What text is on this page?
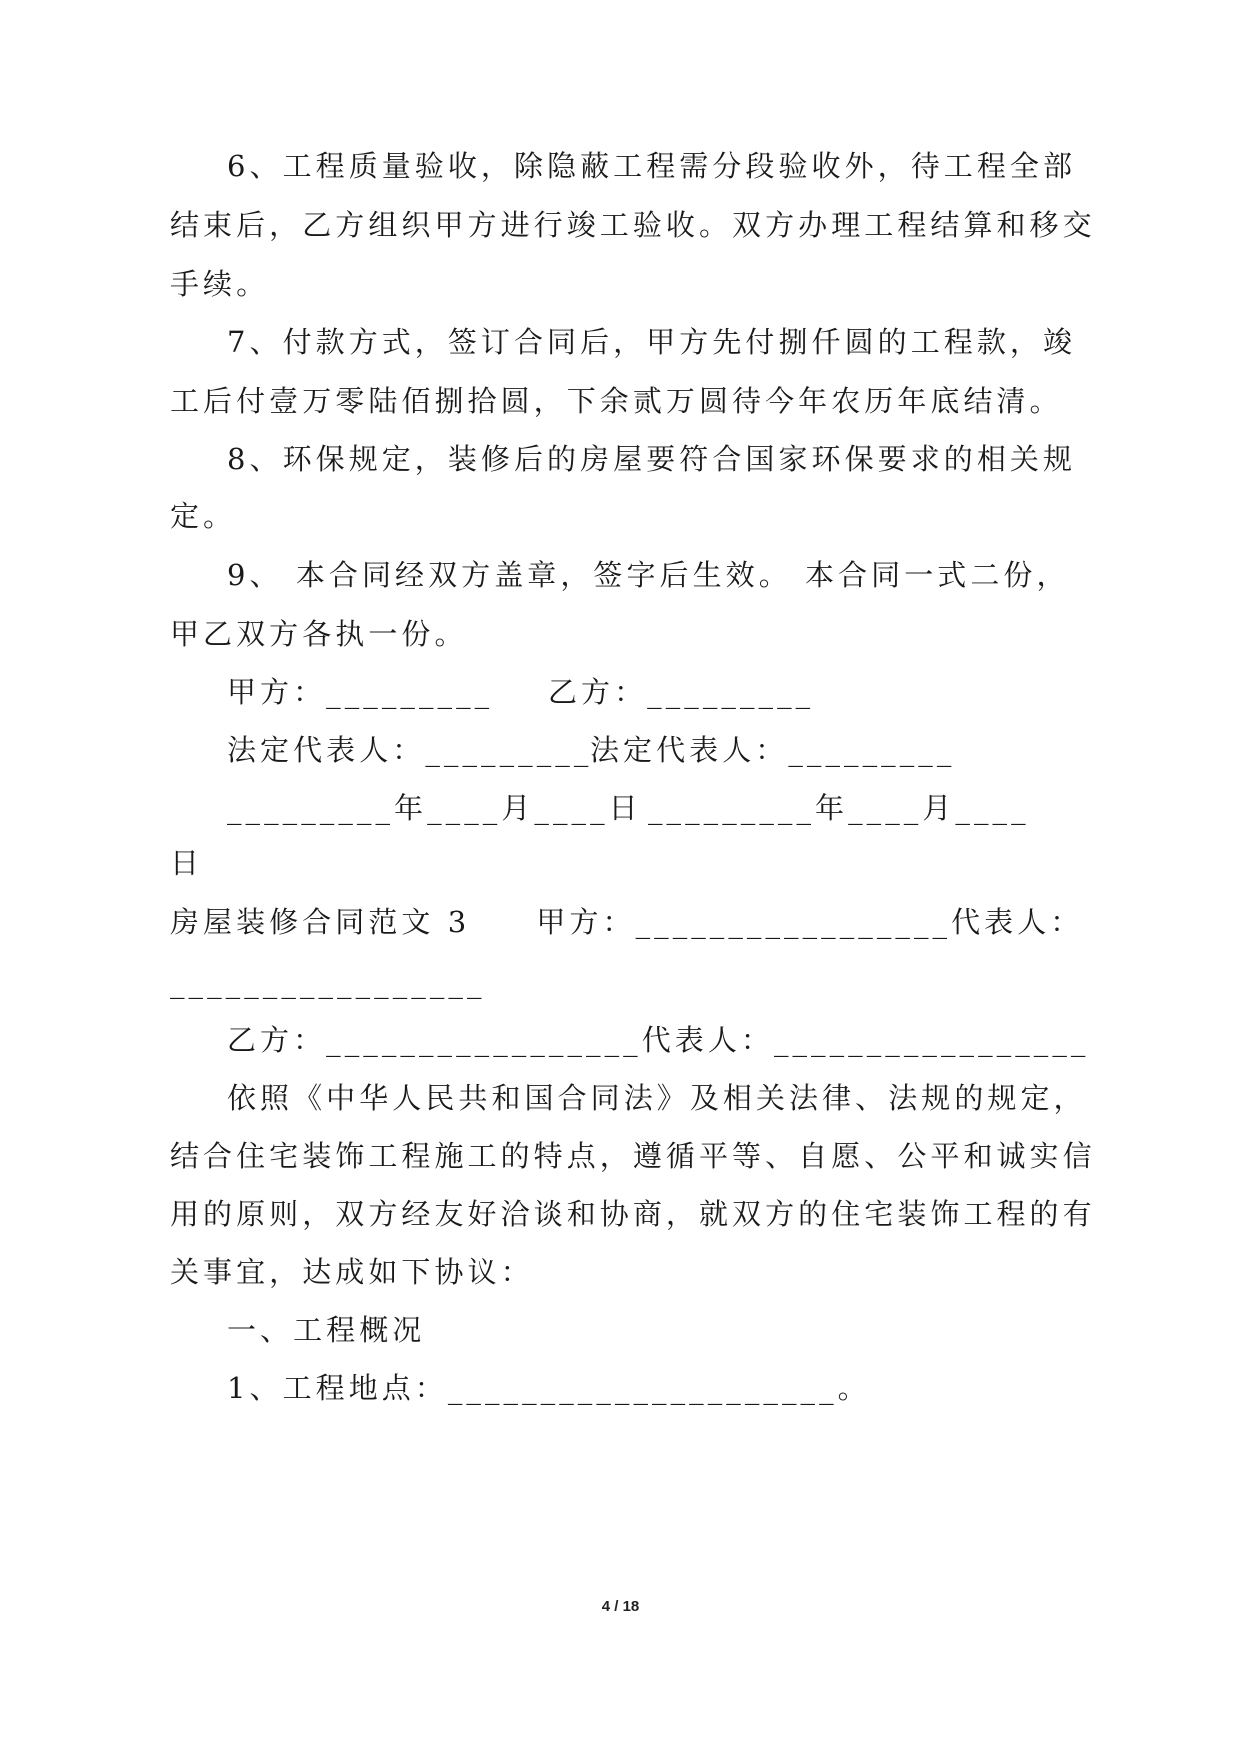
6、工程质量验收，除隐蔽工程需分段验收外，待工程全部
结束后，乙方组织甲方进行竣工验收。双方办理工程结算和移交
手续。
7、付款方式，签订合同后，甲方先付捌仟圆的工程款，竣
工后付壹万零陆佰捌拾圆，下余贰万圆待今年农历年底结清。
8、环保规定，装修后的房屋要符合国家环保要求的相关规
定。
9、 本合同经双方盖章，签字后生效。 本合同一式二份，
甲乙双方各执一份。
甲方：_________ 乙方：_________
法定代表人：_________
法定代表人：_________
_________年____月____日 _________年____月____
日
房屋装修合同范文 3　　甲方：_________________代表人：
_________________
乙方：_________________代表人：_________________
依照《中华人民共和国合同法》及相关法律、法规的规定，
结合住宅装饰工程施工的特点，遵循平等、自愿、公平和诚实信
用的原则，双方经友好洽谈和协商，就双方的住宅装饰工程的有
关事宜，达成如下协议：
一、工程概况
1、工程地点：_____________________。
4 / 18
